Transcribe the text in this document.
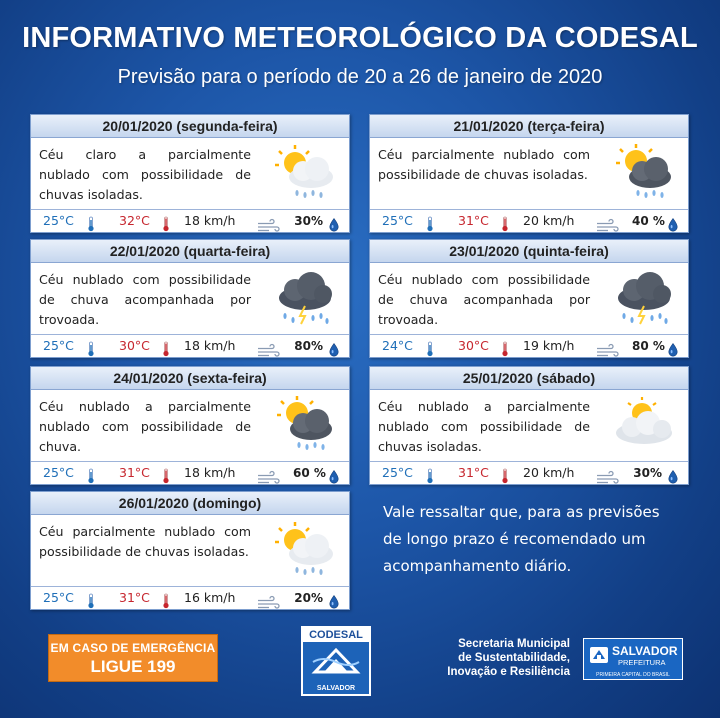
INFORMATIVO METEOROLÓGICO DA CODESAL
Previsão para o período de 20 a 26 de janeiro de 2020
20/01/2020 (segunda-feira)
Céu claro a parcialmente nublado com possibilidade de chuvas isoladas.
25°C	32°C	18 km/h	30%
21/01/2020 (terça-feira)
Céu parcialmente nublado com possibilidade de chuvas isoladas.
25°C	31°C	20 km/h	40 %
22/01/2020 (quarta-feira)
Céu nublado com possibilidade de chuva acompanhada por trovoada.
25°C	30°C	18 km/h	80%
23/01/2020 (quinta-feira)
Céu nublado com possibilidade de chuva acompanhada por trovoada.
24°C	30°C	19 km/h	80 %
24/01/2020 (sexta-feira)
Céu nublado a parcialmente nublado com possibilidade de chuva.
25°C	31°C	18 km/h	60 %
25/01/2020 (sábado)
Céu nublado a parcialmente nublado com possibilidade de chuvas isoladas.
25°C	31°C	20 km/h	30%
26/01/2020 (domingo)
Céu parcialmente nublado com possibilidade de chuvas isoladas.
25°C	31°C	16 km/h	20%
Vale ressaltar que, para as previsões de longo prazo é recomendado um acompanhamento diário.
EM CASO DE EMERGÊNCIA
LIGUE 199
CODESAL
SALVADOR
Secretaria Municipal
de Sustentabilidade,
Inovação e Resiliência
SALVADOR
PREFEITURA
PRIMEIRA CAPITAL DO BRASIL
